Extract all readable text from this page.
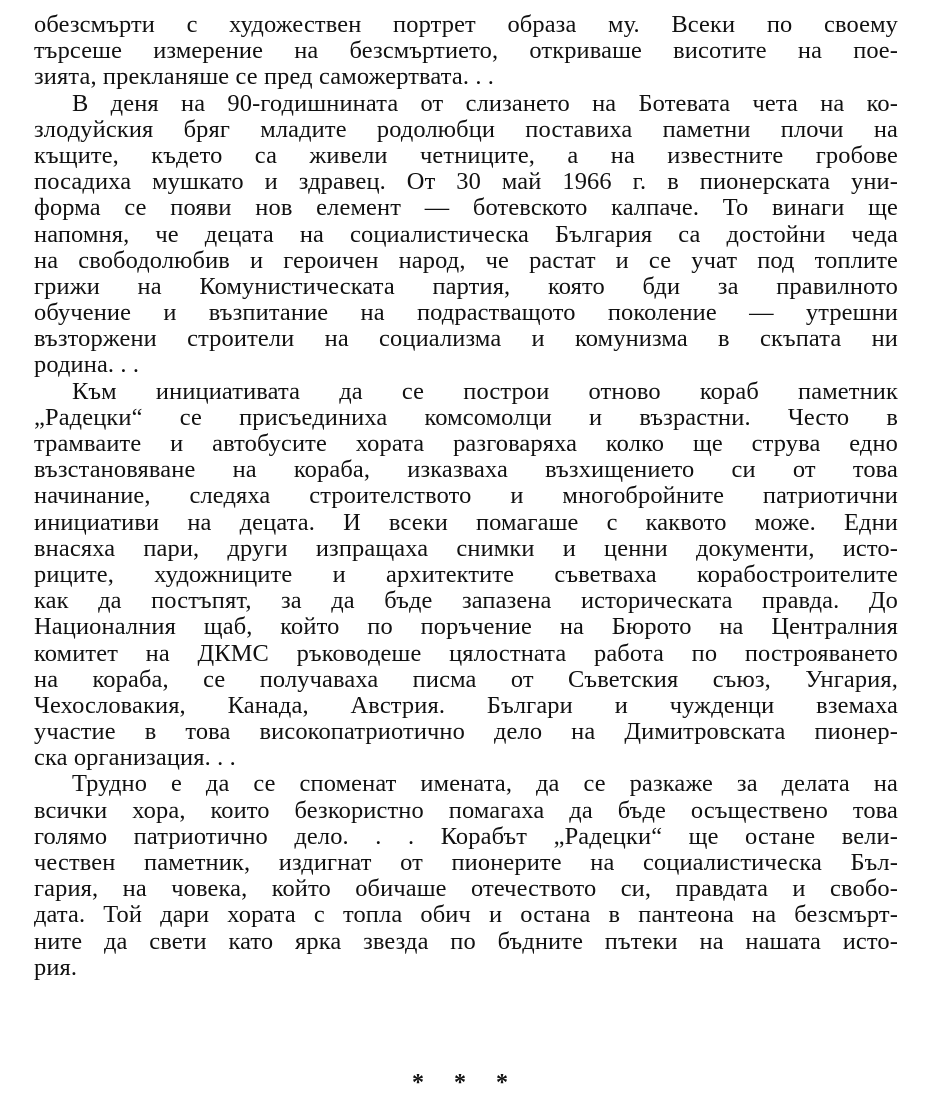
обезсмърти с художествен портрет образа му. Всеки по своему
търсеше измерение на безсмъртието, откриваше висотите на поe-
зията, прекланяше се пред саможертвата. . .
В деня на 90-годишнината от слизането на Ботевата чета на ко-
злодуйския бряг младите родолюбци поставиха паметни плочи на
къщите, където са живели четниците, а на известните гробове
посадиха мушкато и здравец. От 30 май 1966 г. в пионерската уни-
форма се появи нов елемент — ботевското калпаче. То винаги ще
напомня, че децата на социалистическа България са достойни чеда
на свободолюбив и героичен народ, че растат и се учат под топлите
грижи на Комунистическата партия, която бди за правилното
обучение и възпитание на подрастващото поколение — утрешни
възторжени строители на социализма и комунизма в скъпата ни
родина. . .
Към инициативата да се построи отново кораб паметник
„Радецки“ се присъединиха комсомолци и възрастни. Често в
трамваите и автобусите хората разговаряха колко ще струва едно
възстановяване на кораба, изказваха възхищението си от това
начинание, следяха строителството и многобройните патриотични
инициативи на децата. И всеки помагаше с каквото може. Едни
внасяха пари, други изпращаха снимки и ценни документи, исто-
риците, художниците и архитектите съветваха корабостроителите
как да постъпят, за да бъде запазена историческата правда. До
Националния щаб, който по поръчение на Бюрото на Централния
комитет на ДКМС ръководеше цялостната работа по построяването
на кораба, се получаваха писма от Съветския съюз, Унгария,
Чехословакия, Канада, Австрия. Българи и чужденци вземаха
участие в това високопатриотично дело на Димитровската пионер-
ска организация. . .
Трудно е да се споменат имената, да се разкаже за делата на
всички хора, които безкористно помагаха да бъде осъществено това
голямо патриотично дело. . . Корабът „Радецки“ ще остане вели-
чествен паметник, издигнат от пионерите на социалистическа Бъл-
гария, на човека, който обичаше отечеството си, правдата и свобо-
дата. Той дари хората с топла обич и остана в пантеона на безсмърт-
ните да свети като ярка звезда по бъдните пътеки на нашата исто-
рия.
* * *
